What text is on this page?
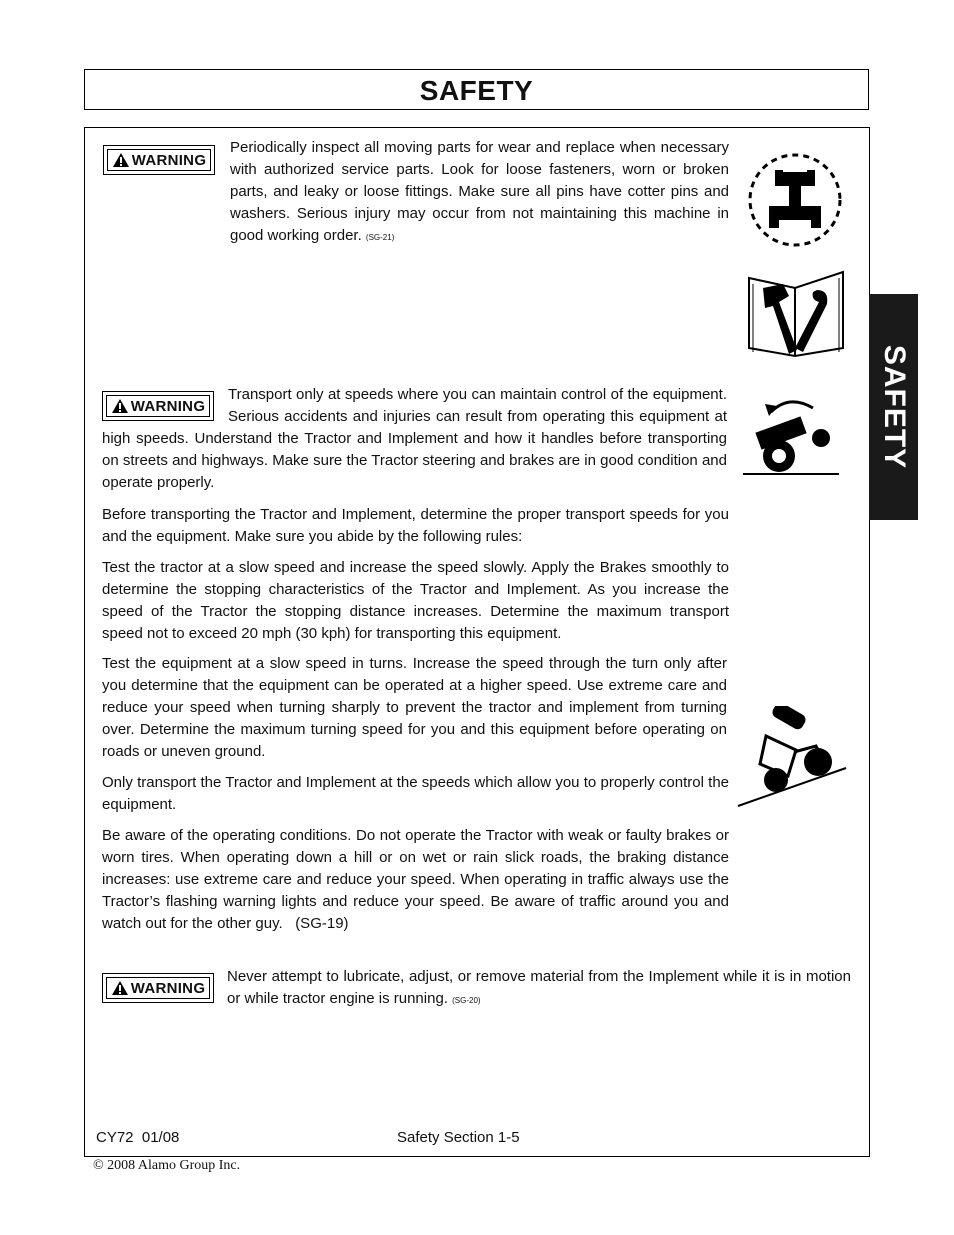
SAFETY
SAFETY
WARNING

Periodically inspect all moving parts for wear and replace when necessary with authorized service parts. Look for loose fasteners, worn or broken parts, and leaky or loose fittings. Make sure all pins have cotter pins and washers. Serious injury may occur from not maintaining this machine in good working order. (SG-21)

WARNING

Transport only at speeds where you can maintain control of the equipment. Serious accidents and injuries can result from operating this equipment at high speeds. Understand the Tractor and Implement and how it handles before transporting on streets and highways. Make sure the Tractor steering and brakes are in good condition and operate properly.

Before transporting the Tractor and Implement, determine the proper transport speeds for you and the equipment. Make sure you abide by the following rules:

Test the tractor at a slow speed and increase the speed slowly. Apply the Brakes smoothly to determine the stopping characteristics of the Tractor and Implement. As you increase the speed of the Tractor the stopping distance increases. Determine the maximum transport speed not to exceed 20 mph (30 kph) for transporting this equipment.

Test the equipment at a slow speed in turns. Increase the speed through the turn only after you determine that the equipment can be operated at a higher speed. Use extreme care and reduce your speed when turning sharply to prevent the tractor and implement from turning over. Determine the maximum turning speed for you and this equipment before operating on roads or uneven ground.

Only transport the Tractor and Implement at the speeds which allow you to properly control the equipment.

Be aware of the operating conditions. Do not operate the Tractor with weak or faulty brakes or worn tires. When operating down a hill or on wet or rain slick roads, the braking distance increases: use extreme care and reduce your speed. When operating in traffic always use the Tractor’s flashing warning lights and reduce your speed. Be aware of traffic around you and watch out for the other guy. (SG-19)

WARNING

Never attempt to lubricate, adjust, or remove material from the Implement while it is in motion or while tractor engine is running. (SG-20)

CY72  01/08	Safety Section 1-5
© 2008 Alamo Group Inc.
